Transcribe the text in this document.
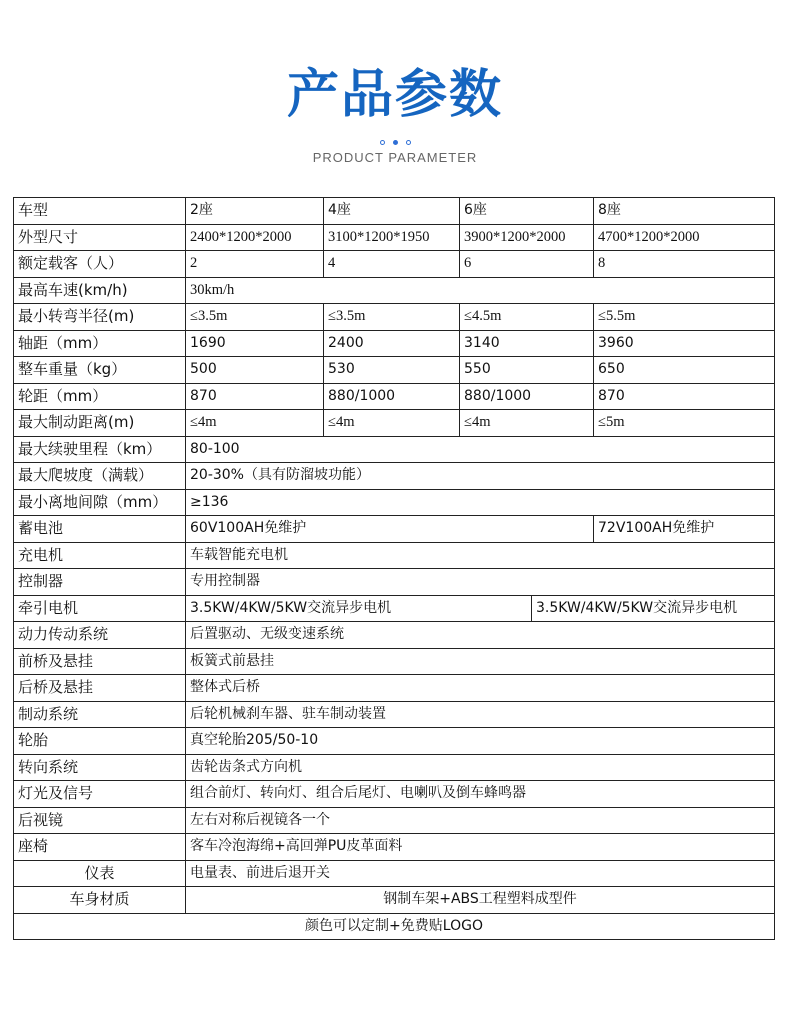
产品参数
PRODUCT PARAMETER
车型	2座	4座	6座		8座
外型尺寸	2400*1200*2000	3100*1200*1950	3900*1200*2000		4700*1200*2000
额定载客（人）	2	4	6		8
最高车速(km/h)	30km/h				
最小转弯半径(m)	≤3.5m	≤3.5m	≤4.5m		≤5.5m
轴距（mm）	1690	2400	3140		3960
整车重量（kg）	500	530	550		650
轮距（mm）	870	880/1000	880/1000		870
最大制动距离(m)	≤4m	≤4m	≤4m		≤5m
最大续驶里程（km）	80-100				
最大爬坡度（满载）	20-30%（具有防溜坡功能）				
最小离地间隙（mm）	≥136				
蓄电池	60V100AH免维护				72V100AH免维护
充电机	车载智能充电机				
控制器	专用控制器				
牵引电机	3.5KW/4KW/5KW交流异步电机			3.5KW/4KW/5KW交流异步电机	
动力传动系统	后置驱动、无级变速系统				
前桥及悬挂	板簧式前悬挂				
后桥及悬挂	整体式后桥				
制动系统	后轮机械刹车器、驻车制动装置				
轮胎	真空轮胎205/50-10				
转向系统	齿轮齿条式方向机				
灯光及信号	组合前灯、转向灯、组合后尾灯、电喇叭及倒车蜂鸣器				
后视镜	左右对称后视镜各一个				
座椅	客车冷泡海绵+高回弹PU皮革面料				
仪表	电量表、前进后退开关				
车身材质	钢制车架+ABS工程塑料成型件				
颜色可以定制+免费贴LOGO					
